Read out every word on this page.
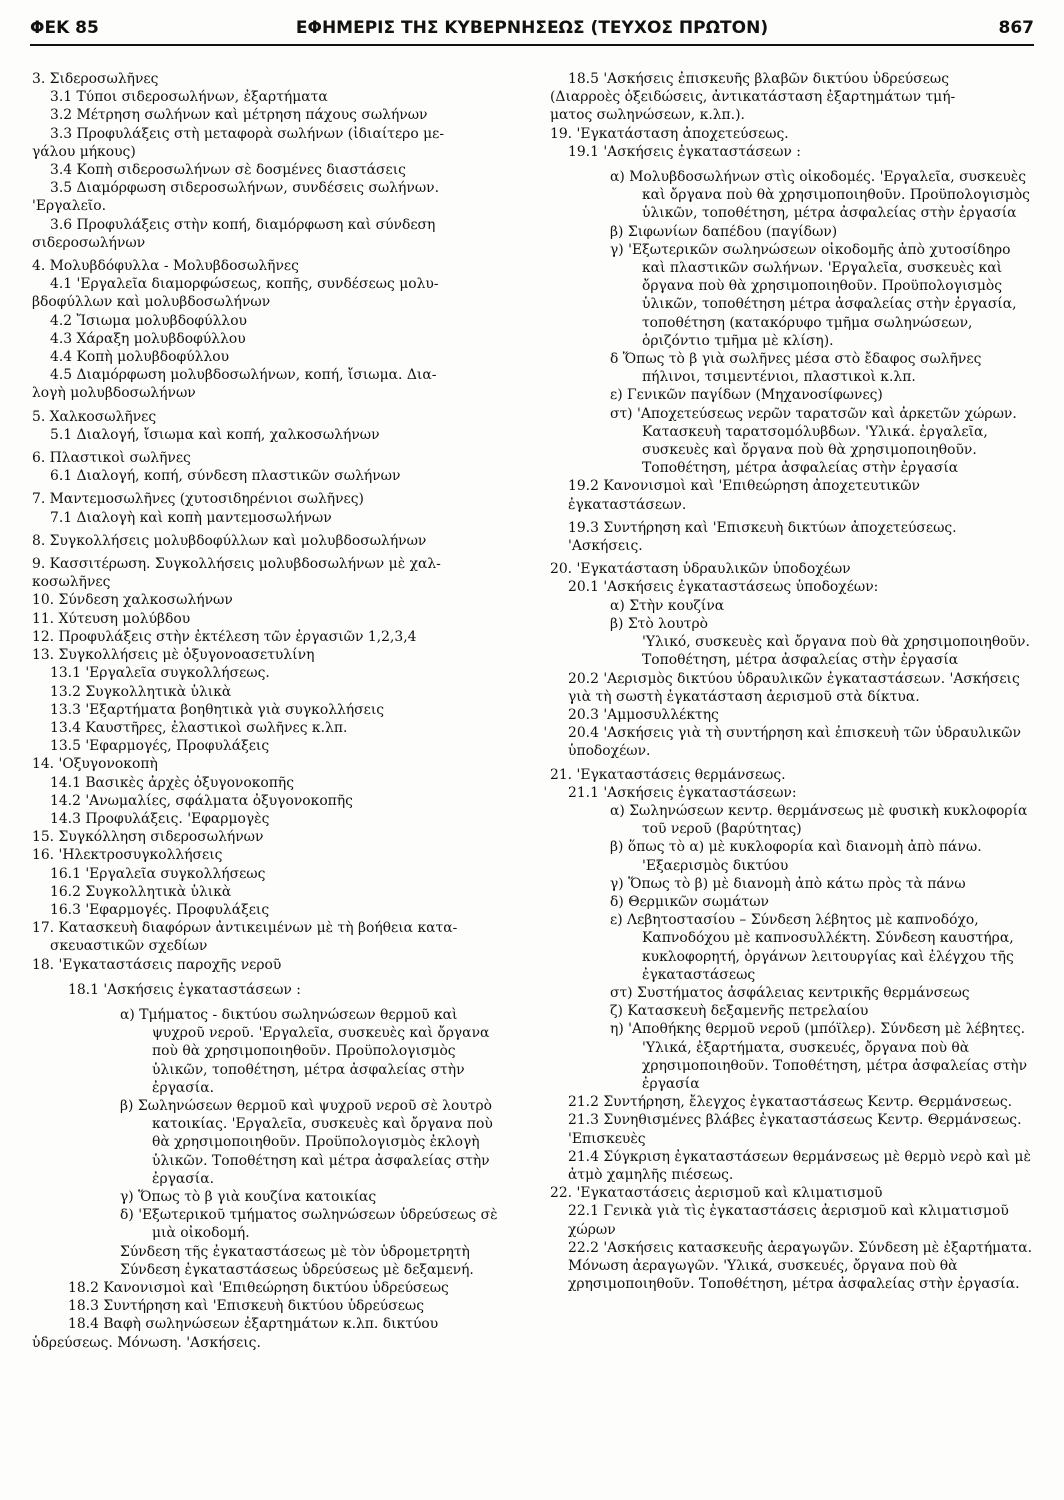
ΦΕΚ 85	ΕΦΗΜΕΡΙΣ ΤΗΣ ΚΥΒΕΡΝΗΣΕΩΣ (ΤΕΥΧΟΣ ΠΡΩΤΟΝ)	867

3. Σιδεροσωλῆνες

3.1 Τύποι σιδεροσωλήνων, ἐξαρτήματα

3.2 Μέτρηση σωλήνων καὶ μέτρηση πάχους σωλήνων

3.3 Προφυλάξεις στὴ μεταφορὰ σωλήνων (ἰδιαίτερο με-

γάλου μήκους)

3.4 Κοπὴ σιδεροσωλήνων σὲ δοσμένες διαστάσεις

3.5 Διαμόρφωση σιδεροσωλήνων, συνδέσεις σωλήνων.

'Εργαλεῖο.

3.6 Προφυλάξεις στὴν κοπή, διαμόρφωση καὶ σύνδεση

σιδεροσωλήνων

4. Μολυβδόφυλλα - Μολυβδοσωλῆνες

4.1 'Εργαλεῖα διαμορφώσεως, κοπῆς, συνδέσεως μολυ-

βδοφύλλων καὶ μολυβδοσωλήνων

4.2 Ἴσιωμα μολυβδοφύλλου

4.3 Χάραξη μολυβδοφύλλου

4.4 Κοπὴ μολυβδοφύλλου

4.5 Διαμόρφωση μολυβδοσωλήνων, κοπή, ἴσιωμα. Δια-

λογὴ μολυβδοσωλήνων

5. Χαλκοσωλῆνες

5.1 Διαλογή, ἴσιωμα καὶ κοπή, χαλκοσωλήνων

6. Πλαστικοὶ σωλῆνες

6.1 Διαλογή, κοπή, σύνδεση πλαστικῶν σωλήνων

7. Μαντεμοσωλῆνες (χυτοσιδηρένιοι σωλῆνες)

7.1 Διαλογὴ καὶ κοπὴ μαντεμοσωλήνων

8. Συγκολλήσεις μολυβδοφύλλων καὶ μολυβδοσωλήνων

9. Κασσιτέρωση. Συγκολλήσεις μολυβδοσωλήνων μὲ χαλ-

κοσωλῆνες

10. Σύνδεση χαλκοσωλήνων

11. Χύτευση μολύβδου

12. Προφυλάξεις στὴν ἐκτέλεση τῶν ἐργασιῶν 1,2,3,4

13. Συγκολλήσεις μὲ ὀξυγονοασετυλίνη

13.1 'Εργαλεῖα συγκολλήσεως.

13.2 Συγκολλητικὰ ὑλικὰ

13.3 'Εξαρτήματα βοηθητικὰ γιὰ συγκολλήσεις

13.4 Καυστῆρες, ἐλαστικοὶ σωλῆνες κ.λπ.

13.5 'Εφαρμογές, Προφυλάξεις

14. 'Οξυγονοκοπὴ

14.1 Βασικὲς ἀρχὲς ὀξυγονοκοπῆς

14.2 'Ανωμαλίες, σφάλματα ὀξυγονοκοπῆς

14.3 Προφυλάξεις. 'Εφαρμογὲς

15. Συγκόλληση σιδεροσωλήνων

16. 'Ηλεκτροσυγκολλήσεις

16.1 'Εργαλεῖα συγκολλήσεως

16.2 Συγκολλητικὰ ὑλικὰ

16.3 'Εφαρμογές. Προφυλάξεις

17. Κατασκευὴ διαφόρων ἀντικειμένων μὲ τὴ βοήθεια κατα-

σκευαστικῶν σχεδίων

18. 'Εγκαταστάσεις παροχῆς νεροῦ

18.1 'Ασκήσεις ἐγκαταστάσεων :

α) Τμήματος - δικτύου σωληνώσεων θερμοῦ καὶ ψυχροῦ νεροῦ. 'Εργαλεῖα, συσκευὲς καὶ ὄργανα ποὺ θὰ χρησιμοποιηθοῦν. Προϋπολογισμὸς ὑλικῶν, τοποθέτηση, μέτρα ἀσφαλείας στὴν ἐργασία.

β) Σωληνώσεων θερμοῦ καὶ ψυχροῦ νεροῦ σὲ λουτρὸ κατοικίας. 'Εργαλεῖα, συσκευὲς καὶ ὄργανα ποὺ θὰ χρησιμοποιηθοῦν. Προϋπολογισμὸς ἐκλογὴ ὑλικῶν. Τοποθέτηση καὶ μέτρα ἀσφαλείας στὴν ἐργασία.

γ) Ὅπως τὸ β γιὰ κουζίνα κατοικίας

δ) 'Εξωτερικοῦ τμήματος σωληνώσεων ὑδρεύσεως σὲ μιὰ οἰκοδομή.

Σύνδεση τῆς ἐγκαταστάσεως μὲ τὸν ὑδρομετρητὴ

Σύνδεση ἐγκαταστάσεως ὑδρεύσεως μὲ δεξαμενή.

18.2 Κανονισμοὶ καὶ 'Επιθεώρηση δικτύου ὑδρεύσεως

18.3 Συντήρηση καὶ 'Επισκευὴ δικτύου ὑδρεύσεως

18.4 Βαφὴ σωληνώσεων ἐξαρτημάτων κ.λπ. δικτύου

ὑδρεύσεως. Μόνωση. 'Ασκήσεις.

18.5 'Ασκήσεις ἐπισκευῆς βλαβῶν δικτύου ὑδρεύσεως

(Διαρροὲς ὀξειδώσεις, ἀντικατάσταση ἐξαρτημάτων τμή-

ματος σωληνώσεων, κ.λπ.).

19. 'Εγκατάσταση ἀποχετεύσεως.

19.1 'Ασκήσεις ἐγκαταστάσεων :

α) Μολυβδοσωλήνων στὶς οἰκοδομές. 'Εργαλεῖα, συσκευὲς καὶ ὄργανα ποὺ θὰ χρησιμοποιηθοῦν. Προϋπολογισμὸς ὑλικῶν, τοποθέτηση, μέτρα ἀσφαλείας στὴν ἐργασία

β) Σιφωνίων δαπέδου (παγίδων)

γ) 'Εξωτερικῶν σωληνώσεων οἰκοδομῆς ἀπὸ χυτοσίδηρο καὶ πλαστικῶν σωλήνων. 'Εργαλεῖα, συσκευὲς καὶ ὄργανα ποὺ θὰ χρησιμοποιηθοῦν. Προϋπολογισμὸς ὑλικῶν, τοποθέτηση μέτρα ἀσφαλείας στὴν ἐργασία, τοποθέτηση (κατακόρυφο τμῆμα σωληνώσεων, ὁριζόντιο τμῆμα μὲ κλίση).

δ Ὅπως τὸ β γιὰ σωλῆνες μέσα στὸ ἔδαφος σωλῆνες πήλινοι, τσιμεντένιοι, πλαστικοὶ κ.λπ.

ε) Γενικῶν παγίδων (Μηχανοσίφωνες)

στ) 'Αποχετεύσεως νερῶν ταρατσῶν καὶ ἀρκετῶν χώρων. Κατασκευὴ ταρατσομόλυβδων. 'Υλικά. ἐργαλεῖα, συσκευὲς καὶ ὄργανα ποὺ θὰ χρησιμοποιηθοῦν. Τοποθέτηση, μέτρα ἀσφαλείας στὴν ἐργασία

19.2 Κανονισμοὶ καὶ 'Επιθεώρηση ἀποχετευτικῶν ἐγκαταστάσεων.

19.3 Συντήρηση καὶ 'Επισκευὴ δικτύων ἀποχετεύσεως. 'Ασκήσεις.

20. 'Εγκατάσταση ὑδραυλικῶν ὑποδοχέων

20.1 'Ασκήσεις ἐγκαταστάσεως ὑποδοχέων:

α) Στὴν κουζίνα

β) Στὸ λουτρὸ

'Υλικό, συσκευὲς καὶ ὄργανα ποὺ θὰ χρησιμοποιηθοῦν. Τοποθέτηση, μέτρα ἀσφαλείας στὴν ἐργασία

20.2 'Αερισμὸς δικτύου ὑδραυλικῶν ἐγκαταστάσεων. 'Ασκήσεις γιὰ τὴ σωστὴ ἐγκατάσταση ἀερισμοῦ στὰ δίκτυα.

20.3 'Αμμοσυλλέκτης

20.4 'Ασκήσεις γιὰ τὴ συντήρηση καὶ ἐπισκευὴ τῶν ὑδραυλικῶν ὑποδοχέων.

21. 'Εγκαταστάσεις θερμάνσεως.

21.1 'Ασκήσεις ἐγκαταστάσεων:

α) Σωληνώσεων κεντρ. θερμάνσεως μὲ φυσικὴ κυκλοφορία τοῦ νεροῦ (βαρύτητας)

β) ὅπως τὸ α) μὲ κυκλοφορία καὶ διανομὴ ἀπὸ πάνω. 'Εξαερισμὸς δικτύου

γ) Ὅπως τὸ β) μὲ διανομὴ ἀπὸ κάτω πρὸς τὰ πάνω

δ) Θερμικῶν σωμάτων

ε) Λεβητοστασίου – Σύνδεση λέβητος μὲ καπνοδόχο, Καπνοδόχου μὲ καπνοσυλλέκτη. Σύνδεση καυστήρα, κυκλοφορητή, ὀργάνων λειτουργίας καὶ ἐλέγχου τῆς ἐγκαταστάσεως

στ) Συστήματος ἀσφάλειας κεντρικῆς θερμάνσεως

ζ) Κατασκευὴ δεξαμενῆς πετρελαίου

η) 'Αποθήκης θερμοῦ νεροῦ (μπόϊλερ). Σύνδεση μὲ λέβητες. 'Υλικά, ἐξαρτήματα, συσκευές, ὄργανα ποὺ θὰ χρησιμοποιηθοῦν. Τοποθέτηση, μέτρα ἀσφαλείας στὴν ἐργασία

21.2 Συντήρηση, ἔλεγχος ἐγκαταστάσεως Κεντρ. Θερμάνσεως.

21.3 Συνηθισμένες βλάβες ἐγκαταστάσεως Κεντρ. Θερμάνσεως. 'Επισκευὲς

21.4 Σύγκριση ἐγκαταστάσεων θερμάνσεως μὲ θερμὸ νερὸ καὶ μὲ ἀτμὸ χαμηλῆς πιέσεως.

22. 'Εγκαταστάσεις ἀερισμοῦ καὶ κλιματισμοῦ

22.1 Γενικὰ γιὰ τὶς ἐγκαταστάσεις ἀερισμοῦ καὶ κλιματισμοῦ χώρων

22.2 'Ασκήσεις κατασκευῆς ἀεραγωγῶν. Σύνδεση μὲ ἐξαρτήματα. Μόνωση ἀεραγωγῶν. 'Υλικά, συσκευές, ὄργανα ποὺ θὰ χρησιμοποιηθοῦν. Τοποθέτηση, μέτρα ἀσφαλείας στὴν ἐργασία.
